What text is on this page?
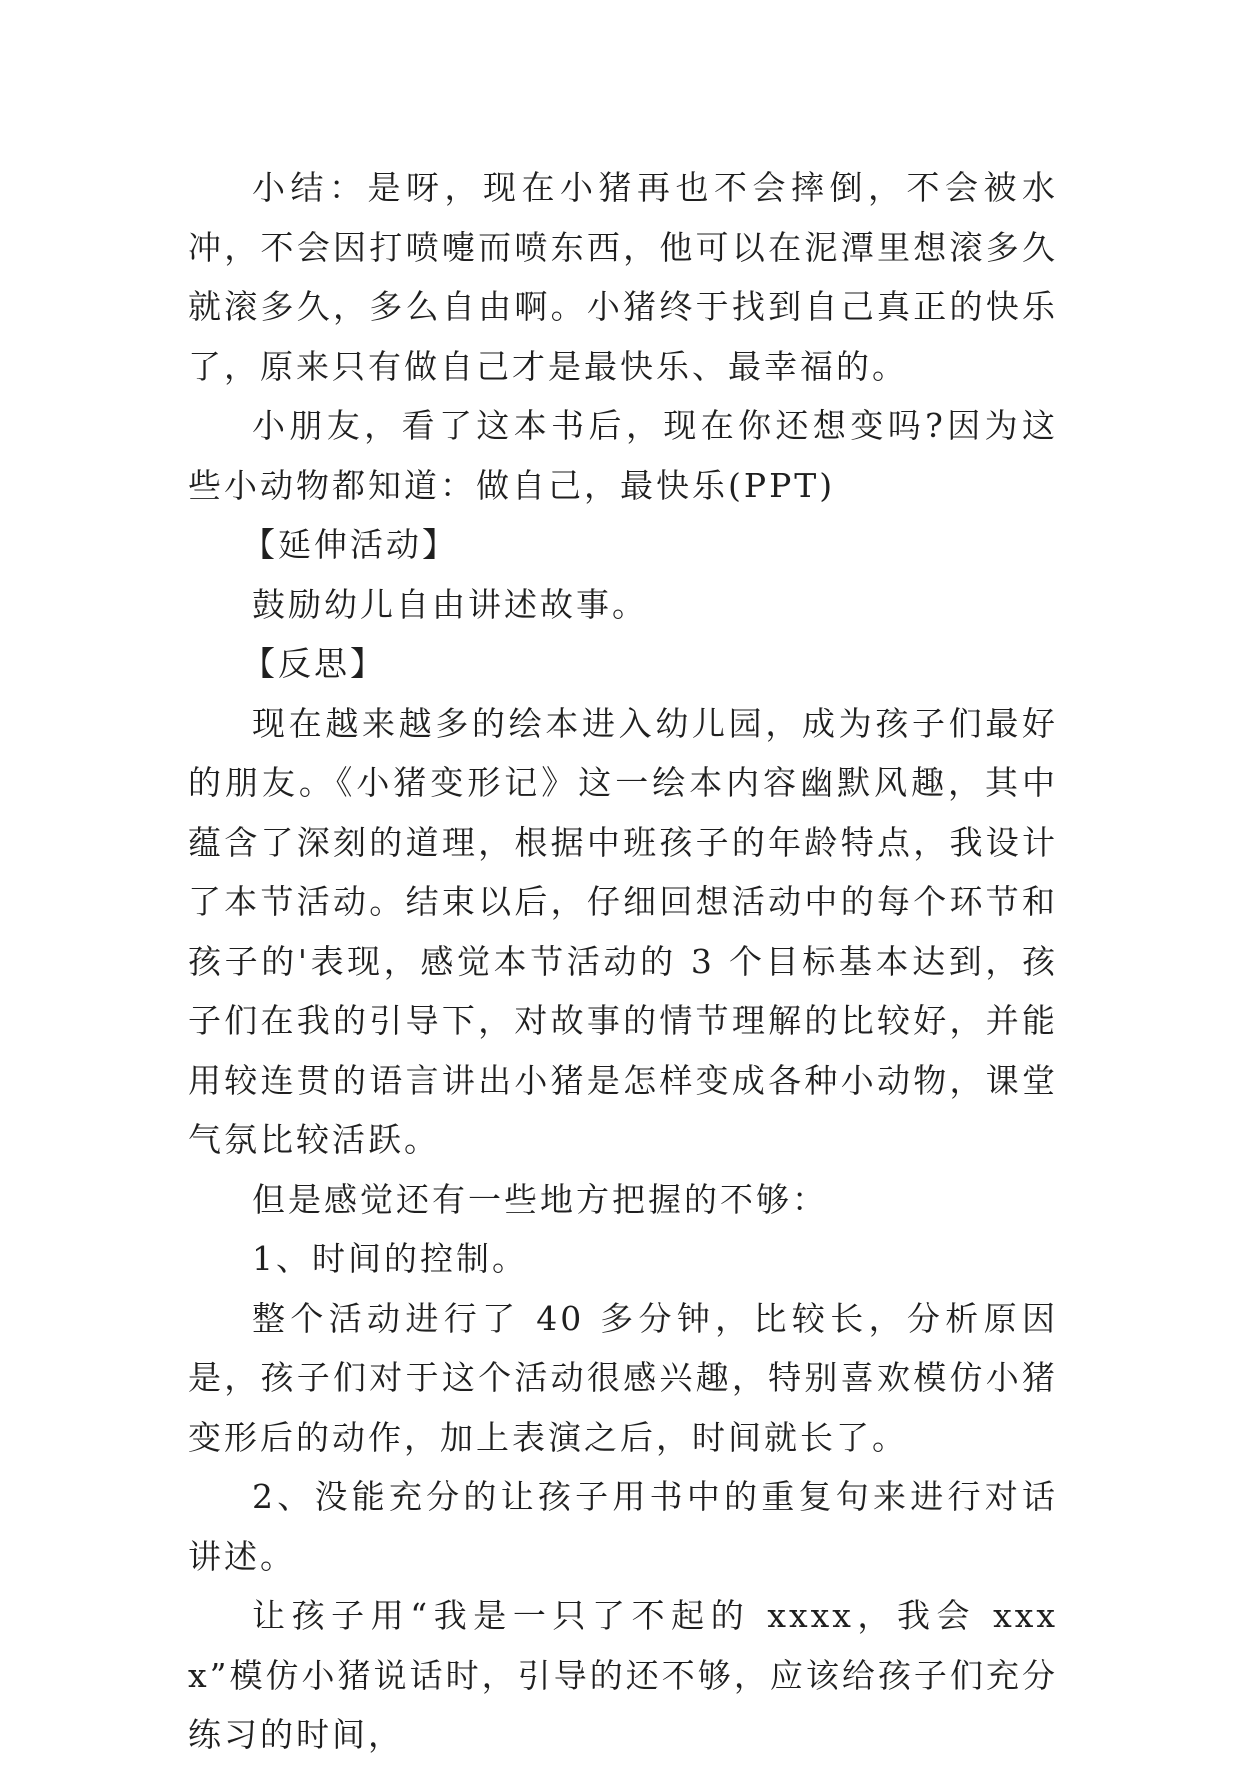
小结：是呀，现在小猪再也不会摔倒，不会被水冲，不会因打喷嚏而喷东西，他可以在泥潭里想滚多久就滚多久，多么自由啊。小猪终于找到自己真正的快乐了，原来只有做自己才是最快乐、最幸福的。

小朋友，看了这本书后，现在你还想变吗?因为这些小动物都知道：做自己，最快乐(PPT)

【延伸活动】

鼓励幼儿自由讲述故事。

【反思】

现在越来越多的绘本进入幼儿园，成为孩子们最好的朋友。《小猪变形记》这一绘本内容幽默风趣，其中蕴含了深刻的道理，根据中班孩子的年龄特点，我设计了本节活动。结束以后，仔细回想活动中的每个环节和孩子的'表现，感觉本节活动的 3 个目标基本达到，孩子们在我的引导下，对故事的情节理解的比较好，并能用较连贯的语言讲出小猪是怎样变成各种小动物，课堂气氛比较活跃。

但是感觉还有一些地方把握的不够：

1、时间的控制。

整个活动进行了 40 多分钟，比较长，分析原因是，孩子们对于这个活动很感兴趣，特别喜欢模仿小猪变形后的动作，加上表演之后，时间就长了。

2、没能充分的让孩子用书中的重复句来进行对话讲述。

让孩子用“我是一只了不起的 xxxx，我会 xxxx”模仿小猪说话时，引导的还不够，应该给孩子们充分练习的时间，
